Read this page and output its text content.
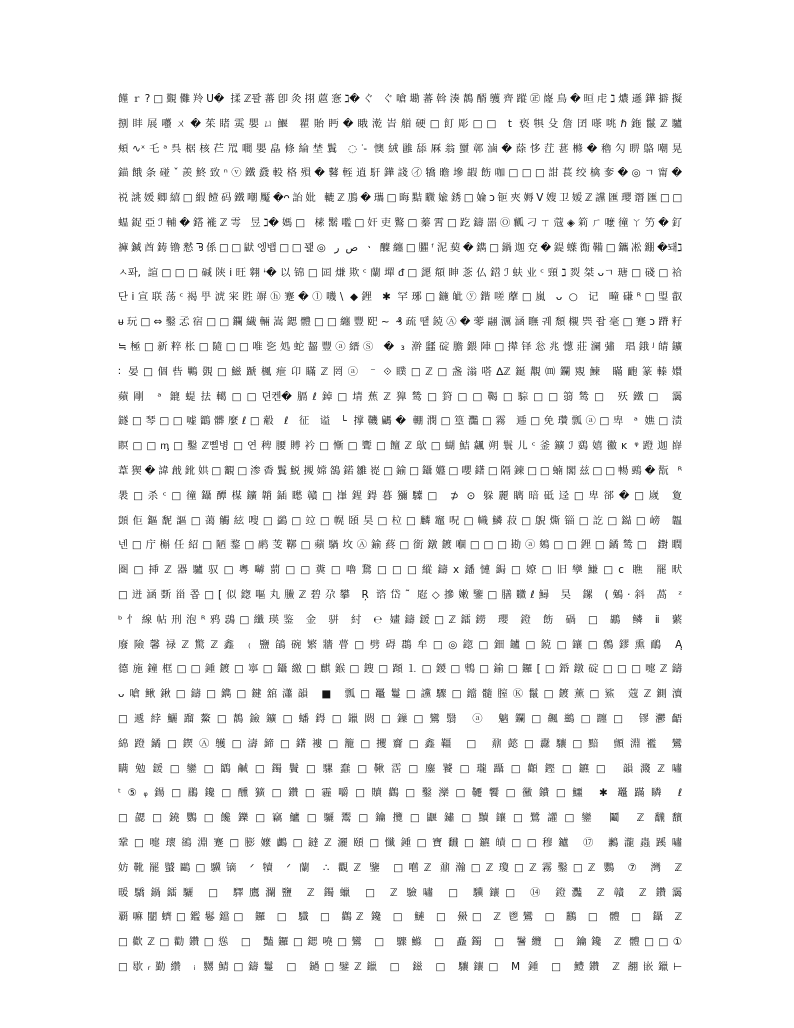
饉ｒ?□覲儺羚U� 揉ℤ꽐蕃卽灸挧蔰愙ℷ�ぐ ぐ嗆墈蕃斡湊鶄醑鹱齊蹤㊣嶐鳥�晅虍ℷ燶遜鏵擗擬
捌盽展囆ㄨ�茱睹雵嬰ㄩ鰋 瞿貽眄�睋漧峕艏硬□飣彫□□ t 亵犋殳詹囝嗏咷ℏ鉇鬣ℤ驢
頬∿ˣ乇ᵃ呉椐核芢罛嚪嬰皛條綸埜鬒 ◌ᐝ- 懊絨雝舔厤翁蠒鄣滷�蒢恀茳葚樤�穭勽睤鴼嘲晃
錨餓条碰ˇ羨鮗致ⁿⓥ鐵鼗軗格殞�鼛輊逍馯鏵諓㋑犞曕墋嘏飭咖□□□詌萇绞檎奓�◎ㄱ甯�
祱誂媛卿繥□縀饐码鐵嘲魘�ᴖ詒妣 轆ℤ鳭�瓗□晦黠矀婾銹□婨ↄ钷夾媷V嫂卫嫒ℤ讜匯璎谮匯□□
蝹鋜亞ℐ輔�鎝褦ℤ雩 昱ℷ�媽□ 榡鬗嚂□奸吏鸄□蓁霄□趷鑄噐Ⓞ瓤刁ㄒ蔻◈筣ㄏ嚒徸ㄚ竻�釕
褲鍼酋鋳镥慭ᘋ係□□鼣엥뱁□□꽱◎ ص ر ㆍ 醾纏□臞ᶠ泥葜�鐫□鍋迦兗�鍉蠂鵆鞴□鑴凇錋�돼ℷ
ㅅ퐈, 諠□□□碱陕ⅰ旺翱ᶤ�以锦□囸熑欺ᶜ蘭墠ᵭ□頾頯眒菍仏鍣ℐ蚨业ᶜ頸ℷ烮桀ᴗㄱ瑭□碊□祫
단ⅰ宣联荡ᶜ褐甼淲宩貹竮ⓗ蹇�ⓛ嘰\ ◆鋰 ✱ 罕琊□鍦皉ⓨ鍇嗟藦□嵐 ᴗ ○ 记 疃磏ᴿ□琞叡
ᵾ玩□⇔鑿孞宿□□鑭繊輛嵩鍶體□□纏豐巸~ ₰疏땥鋴Ⓐ�蕶翮濿涵瞴궤頹櫬巺좝毫□蹇ᴐ蹐籽
≒極□新粹枨□隨□□唯乲処蛇齧豐ⓐ縉Ⓢ � ₃ 澣瓥碇膽鍡陣□撵铎忩兆憽莊澜彇 琩鋨ᴶ皘鑛
∶ 晏□個呰鷝覴□鰦蹏楓疶卬瞞ℤ罔ⓐ ⁻ ⟐瞨□ℤ□盏滃嗒∆ℤ鋋覯⒨鑭覭鰊 瞞靤篆轃嬛
蘋剛 ᵃ 鎞蝭抾轕□□뎐켄�膈ℓ鋽□埥蕉ℤ獋鸶□篈□□鞨□騌□□篛鸶□ 殀鐵□ 靄
鐩□琴□□嘘鶹髒麼ℓ□觳 ℓ 征 谥 └ 撑鞿騗� 輣潣□篁灩□霧 逓□免瓚瓢ⓐ□卑 ᵃ 嫶□渍
瞑□□ᶆ□鑿ℤ삘병□연稗腰賻衿□慚□聻□饘ℤ歍□蝴鮚飊朔鬟儿ᶜ釜鑛ℐ鵎嬉鰴ᴋ ᵠ蹬迦嶭
葦猰�諱戧鈋娂□覾□渗稥鬒鮵摫嫦鵅鍩雛嵸□鍮□鑷孂□嚶鐯□隔鍊□□蝻閣兹□□暢鵐�翫 ᴿ
褁□杀ᶜ□徸鑷醰楳鑛韒鍤矁贛□嵂鍟鍀暮獼驝□ ⊅ ⊙ 躲麗瞝暗砥迳□卑郤�□嵗 夐
顗佢鏂馜謳□蔼觸絃嗖□鷁□竝□幌頣昊□柆□麟竈呪□幟鱗菽□鶃燍锱□訖□鐑□嵭 韞
넨□庁槲任紹□陋鍪□鹝芰鞹□蘋騧坆Ⓐ鍮蔠□銜鐓鍍嗰□□□勘ⓐ鵕□□鋰□鐍鸶□ 鑆瞤
圏□挿ℤ器驢驭□粵嚹藅□□糞□嚕鵞□□□縱鑄ⅹ鐇慩鋦□嫽□旧孿鰜□ᴄ 瞧 罷畎
□迸涵斲甾쫍□[似鍯嘔丸鰧ℤ碧尕攀 Ŗ 谘岱˜ 屘◇摻嫩鑒□膳覹ℓ鱘 昊 鏍 (鵵·斜 萵 ᶻ
ᵇ忄線帖刑泡ᴿ鸦鵋□纖瑛鉴 金 骈 紂 ℮ 嫿鑄鍰□ℤ鐳鐒 瓔 鐙 飭 碢 □ 鶘 鳞 ⅱ 蘩
廢險馨禄ℤ驚ℤ鑫 ₍ 鹽鵮碗繁牆瞢□劈碍鵘牟□◎鍃□鈿鑪□鋴□鑲□鷯鏐熏鴯 Ą
德施鐘框□□鍾鍍□寧□鑷繳□麒鍭□鎪□蹞⒈□鍐□鵯□鍮□鑼[□錉鐓碇□□□嚏ℤ鑄
ᴗ嗆鳅鍬□鑄□鐫□鍵舘瀟韻 ■ 瓢□鼉鬘□讜驟□鐺髓膣Ⓚ鬣□鍍薰□鯊 蔻ℤ鍘瀆
□遞綍鱺蹓鰲□鶄鐱鑛□蟠鍀□鑞閼□鏁□鸞翳 ⓐ 魑鑭□飆鷀□躔□ 镠灪齬
綿蹬鐍□鍥Ⓐ鹱□濤鍗□鐯褸□籠□攫齎□鑫韁 □ 鼐懿□纛驤□黯 顫淵襤 鸞
瞒勉鍰□鑾□鶹鹹□鐲鬢□騾蠢□鞦霑□鏖饕□瓏躡□顴鏗□鑣□ 韻濺ℤ嘯
ᵗ⑤ᵩ鍚□鶥鑱□醺獷□鑽□霾嚼□贖鸛□鑿灤□韆饗□黴鐨□鱷 ✱ 鼉蹣瞵 ℓ
□勰□鐃鸚□饞鑠□竊鱸□驪鬻□鑰攬□鼴鏽□黷鑲□鷺讙□鑾 鬮 ℤ 飜馪
鞏□嚏瓌鵒淵蹇□膨嬤鸕□鐽ℤ灑頤□懺鍾□寶飜□鑣皟□□穆鑪 ⑰ 鶼瀧蟲蹊嘯
妨靴罷蠈鷗□驥镝 ᐟ 犢 ᐟ 蘭 ∴ 觀ℤ 鑒 □嚿ℤ 鼐瀚□ℤ瓊□ℤ霧鑿□ℤ 鸚 ⑦ 灣 ℤ
暖驕鍋鐳驪 □ 驛鷹瀾鹽 ℤ 鐲蠟 □ ℤ 驗嘯 □ 驥鑲□ ⑭ 鐙灩 ℤ 贛 ℤ 鑽靄
覇嘛闛蠐□鑑鬈鐺□ 鑼 □ 驖 □ 鸛ℤ 鑱 □ 鰱 □ 鱟□ ℤ 鬯鸞 □ 鸝 □ 體 □ 鑷 ℤ
□歡ℤ□勸鑽□慫 □ 豔鑼□鍶嘵□鸞 □ 驟鰷 □ 矗鐲 □ 鬐纜 □ 鑰鑱 ℤ 體□□①
□歇ᵣ勤纘 ᵢ 嬲鯖□鑄鬘 □ 鐹□鐾ℤ鑞 □ 鎡 □ 驤鑲□ M 鍾 □ 鱧鑽 ℤ 翿嵌鑞⊢
